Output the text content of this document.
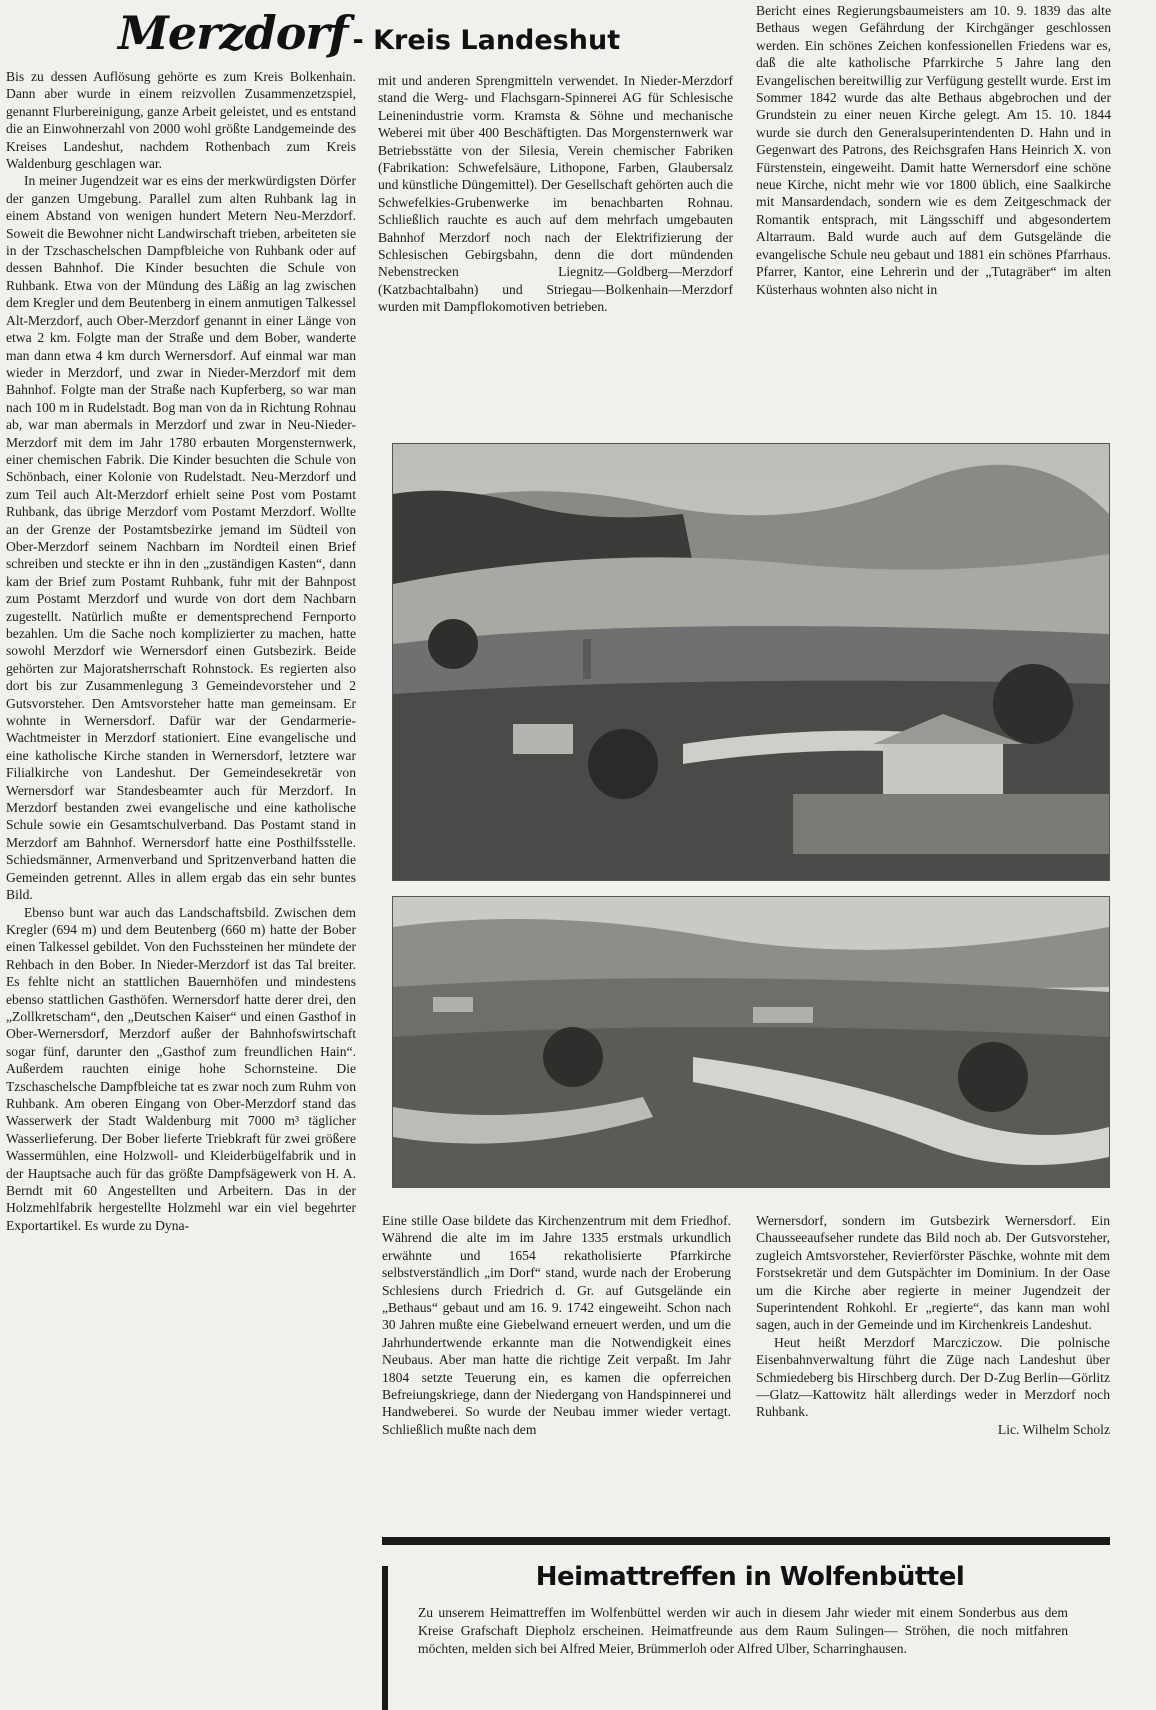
Merzdorf - Kreis Landeshut

Bis zu dessen Auflösung gehörte es zum Kreis Bolkenhain. Dann aber wurde in einem reizvollen Zusammenzetzspiel, genannt Flurbereinigung, ganze Arbeit geleistet, und es entstand die an Einwohnerzahl von 2000 wohl größte Landgemeinde des Kreises Landeshut, nachdem Rothenbach zum Kreis Waldenburg geschlagen war.

In meiner Jugendzeit war es eins der merkwürdigsten Dörfer der ganzen Umgebung. Parallel zum alten Ruhbank lag in einem Abstand von wenigen hundert Metern Neu-Merzdorf. Soweit die Bewohner nicht Landwirschaft trieben, arbeiteten sie in der Tzschaschelschen Dampfbleiche von Ruhbank oder auf dessen Bahnhof. Die Kinder besuchten die Schule von Ruhbank. Etwa von der Mündung des Läßig an lag zwischen dem Kregler und dem Beutenberg in einem anmutigen Talkessel Alt-Merzdorf, auch Ober-Merzdorf genannt in einer Länge von etwa 2 km. Folgte man der Straße und dem Bober, wanderte man dann etwa 4 km durch Wernersdorf. Auf einmal war man wieder in Merzdorf, und zwar in Nieder-Merzdorf mit dem Bahnhof. Folgte man der Straße nach Kupferberg, so war man nach 100 m in Rudelstadt. Bog man von da in Richtung Rohnau ab, war man abermals in Merzdorf und zwar in Neu-Nieder-Merzdorf mit dem im Jahr 1780 erbauten Morgensternwerk, einer chemischen Fabrik. Die Kinder besuchten die Schule von Schönbach, einer Kolonie von Rudelstadt. Neu-Merzdorf und zum Teil auch Alt-Merzdorf erhielt seine Post vom Postamt Ruhbank, das übrige Merzdorf vom Postamt Merzdorf. Wollte an der Grenze der Postamtsbezirke jemand im Südteil von Ober-Merzdorf seinem Nachbarn im Nordteil einen Brief schreiben und steckte er ihn in den „zuständigen Kasten“, dann kam der Brief zum Postamt Ruhbank, fuhr mit der Bahnpost zum Postamt Merzdorf und wurde von dort dem Nachbarn zugestellt. Natürlich mußte er dementsprechend Fernporto bezahlen. Um die Sache noch komplizierter zu machen, hatte sowohl Merzdorf wie Wernersdorf einen Gutsbezirk. Beide gehörten zur Majoratsherrschaft Rohnstock. Es regierten also dort bis zur Zusammenlegung 3 Gemeindevorsteher und 2 Gutsvorsteher. Den Amtsvorsteher hatte man gemeinsam. Er wohnte in Wernersdorf. Dafür war der Gendarmerie-Wachtmeister in Merzdorf stationiert. Eine evangelische und eine katholische Kirche standen in Wernersdorf, letztere war Filialkirche von Landeshut. Der Gemeindesekretär von Wernersdorf war Standesbeamter auch für Merzdorf. In Merzdorf bestanden zwei evangelische und eine katholische Schule sowie ein Gesamtschulverband. Das Postamt stand in Merzdorf am Bahnhof. Wernersdorf hatte eine Posthilfsstelle. Schiedsmänner, Armenverband und Spritzenverband hatten die Gemeinden getrennt. Alles in allem ergab das ein sehr buntes Bild.

Ebenso bunt war auch das Landschaftsbild. Zwischen dem Kregler (694 m) und dem Beutenberg (660 m) hatte der Bober einen Talkessel gebildet. Von den Fuchssteinen her mündete der Rehbach in den Bober. In Nieder-Merzdorf ist das Tal breiter. Es fehlte nicht an stattlichen Bauernhöfen und mindestens ebenso stattlichen Gasthöfen. Wernersdorf hatte derer drei, den „Zollkretscham“, den „Deutschen Kaiser“ und einen Gasthof in Ober-Wernersdorf, Merzdorf außer der Bahnhofswirtschaft sogar fünf, darunter den „Gasthof zum freundlichen Hain“. Außerdem rauchten einige hohe Schornsteine. Die Tzschaschelsche Dampfbleiche tat es zwar noch zum Ruhm von Ruhbank. Am oberen Eingang von Ober-Merzdorf stand das Wasserwerk der Stadt Waldenburg mit 7000 m³ täglicher Wasserlieferung. Der Bober lieferte Triebkraft für zwei größere Wassermühlen, eine Holzwoll- und Kleiderbügelfabrik und in der Hauptsache auch für das größte Dampfsägewerk von H. A. Berndt mit 60 Angestellten und Arbeitern. Das in der Holzmehlfabrik hergestellte Holzmehl war ein viel begehrter Exportartikel. Es wurde zu Dyna-

mit und anderen Sprengmitteln verwendet. In Nieder-Merzdorf stand die Werg- und Flachsgarn-Spinnerei AG für Schlesische Leinenindustrie vorm. Kramsta & Söhne und mechanische Weberei mit über 400 Beschäftigten. Das Morgensternwerk war Betriebsstätte von der Silesia, Verein chemischer Fabriken (Fabrikation: Schwefelsäure, Lithopone, Farben, Glaubersalz und künstliche Düngemittel). Der Gesellschaft gehörten auch die Schwefelkies-Grubenwerke im benachbarten Rohnau. Schließlich rauchte es auch auf dem mehrfach umgebauten Bahnhof Merzdorf noch nach der Elektrifizierung der Schlesischen Gebirgsbahn, denn die dort mündenden Nebenstrecken Liegnitz—Goldberg—Merzdorf (Katzbachtalbahn) und Striegau—Bolkenhain—Merzdorf wurden mit Dampflokomotiven betrieben.

Bericht eines Regierungsbaumeisters am 10. 9. 1839 das alte Bethaus wegen Gefährdung der Kirchgänger geschlossen werden. Ein schönes Zeichen konfessionellen Friedens war es, daß die alte katholische Pfarrkirche 5 Jahre lang den Evangelischen bereitwillig zur Verfügung gestellt wurde. Erst im Sommer 1842 wurde das alte Bethaus abgebrochen und der Grundstein zu einer neuen Kirche gelegt. Am 15. 10. 1844 wurde sie durch den Generalsuperintendenten D. Hahn und in Gegenwart des Patrons, des Reichsgrafen Hans Heinrich X. von Fürstenstein, eingeweiht. Damit hatte Wernersdorf eine schöne neue Kirche, nicht mehr wie vor 1800 üblich, eine Saalkirche mit Mansardendach, sondern wie es dem Zeitgeschmack der Romantik entsprach, mit Längsschiff und abgesondertem Altarraum. Bald wurde auch auf dem Gutsgelände die evangelische Schule neu gebaut und 1881 ein schönes Pfarrhaus. Pfarrer, Kantor, eine Lehrerin und der „Tutagräber“ im alten Küsterhaus wohnten also nicht in

Eine stille Oase bildete das Kirchenzentrum mit dem Friedhof. Während die alte im im Jahre 1335 erstmals urkundlich erwähnte und 1654 rekatholisierte Pfarrkirche selbstverständlich „im Dorf“ stand, wurde nach der Eroberung Schlesiens durch Friedrich d. Gr. auf Gutsgelände ein „Bethaus“ gebaut und am 16. 9. 1742 eingeweiht. Schon nach 30 Jahren mußte eine Giebelwand erneuert werden, und um die Jahrhundertwende erkannte man die Notwendigkeit eines Neubaus. Aber man hatte die richtige Zeit verpaßt. Im Jahr 1804 setzte Teuerung ein, es kamen die opferreichen Befreiungskriege, dann der Niedergang von Handspinnerei und Handweberei. So wurde der Neubau immer wieder vertagt. Schließlich mußte nach dem

Wernersdorf, sondern im Gutsbezirk Wernersdorf. Ein Chausseeaufseher rundete das Bild noch ab. Der Gutsvorsteher, zugleich Amtsvorsteher, Revierförster Päschke, wohnte mit dem Forstsekretär und dem Gutspächter im Dominium. In der Oase um die Kirche aber regierte in meiner Jugendzeit der Superintendent Rohkohl. Er „regierte“, das kann man wohl sagen, auch in der Gemeinde und im Kirchenkreis Landeshut.

Heut heißt Merzdorf Marcziczow. Die polnische Eisenbahnverwaltung führt die Züge nach Landeshut über Schmiedeberg bis Hirschberg durch. Der D-Zug Berlin—Görlitz—Glatz—Kattowitz hält allerdings weder in Merzdorf noch Ruhbank.

Lic. Wilhelm Scholz

Heimattreffen in Wolfenbüttel
Zu unserem Heimattreffen im Wolfenbüttel werden wir auch in diesem Jahr wieder mit einem Sonderbus aus dem Kreise Grafschaft Diepholz erscheinen. Heimatfreunde aus dem Raum Sulingen— Ströhen, die noch mitfahren möchten, melden sich bei Alfred Meier, Brümmerloh oder Alfred Ulber, Scharringhausen.
